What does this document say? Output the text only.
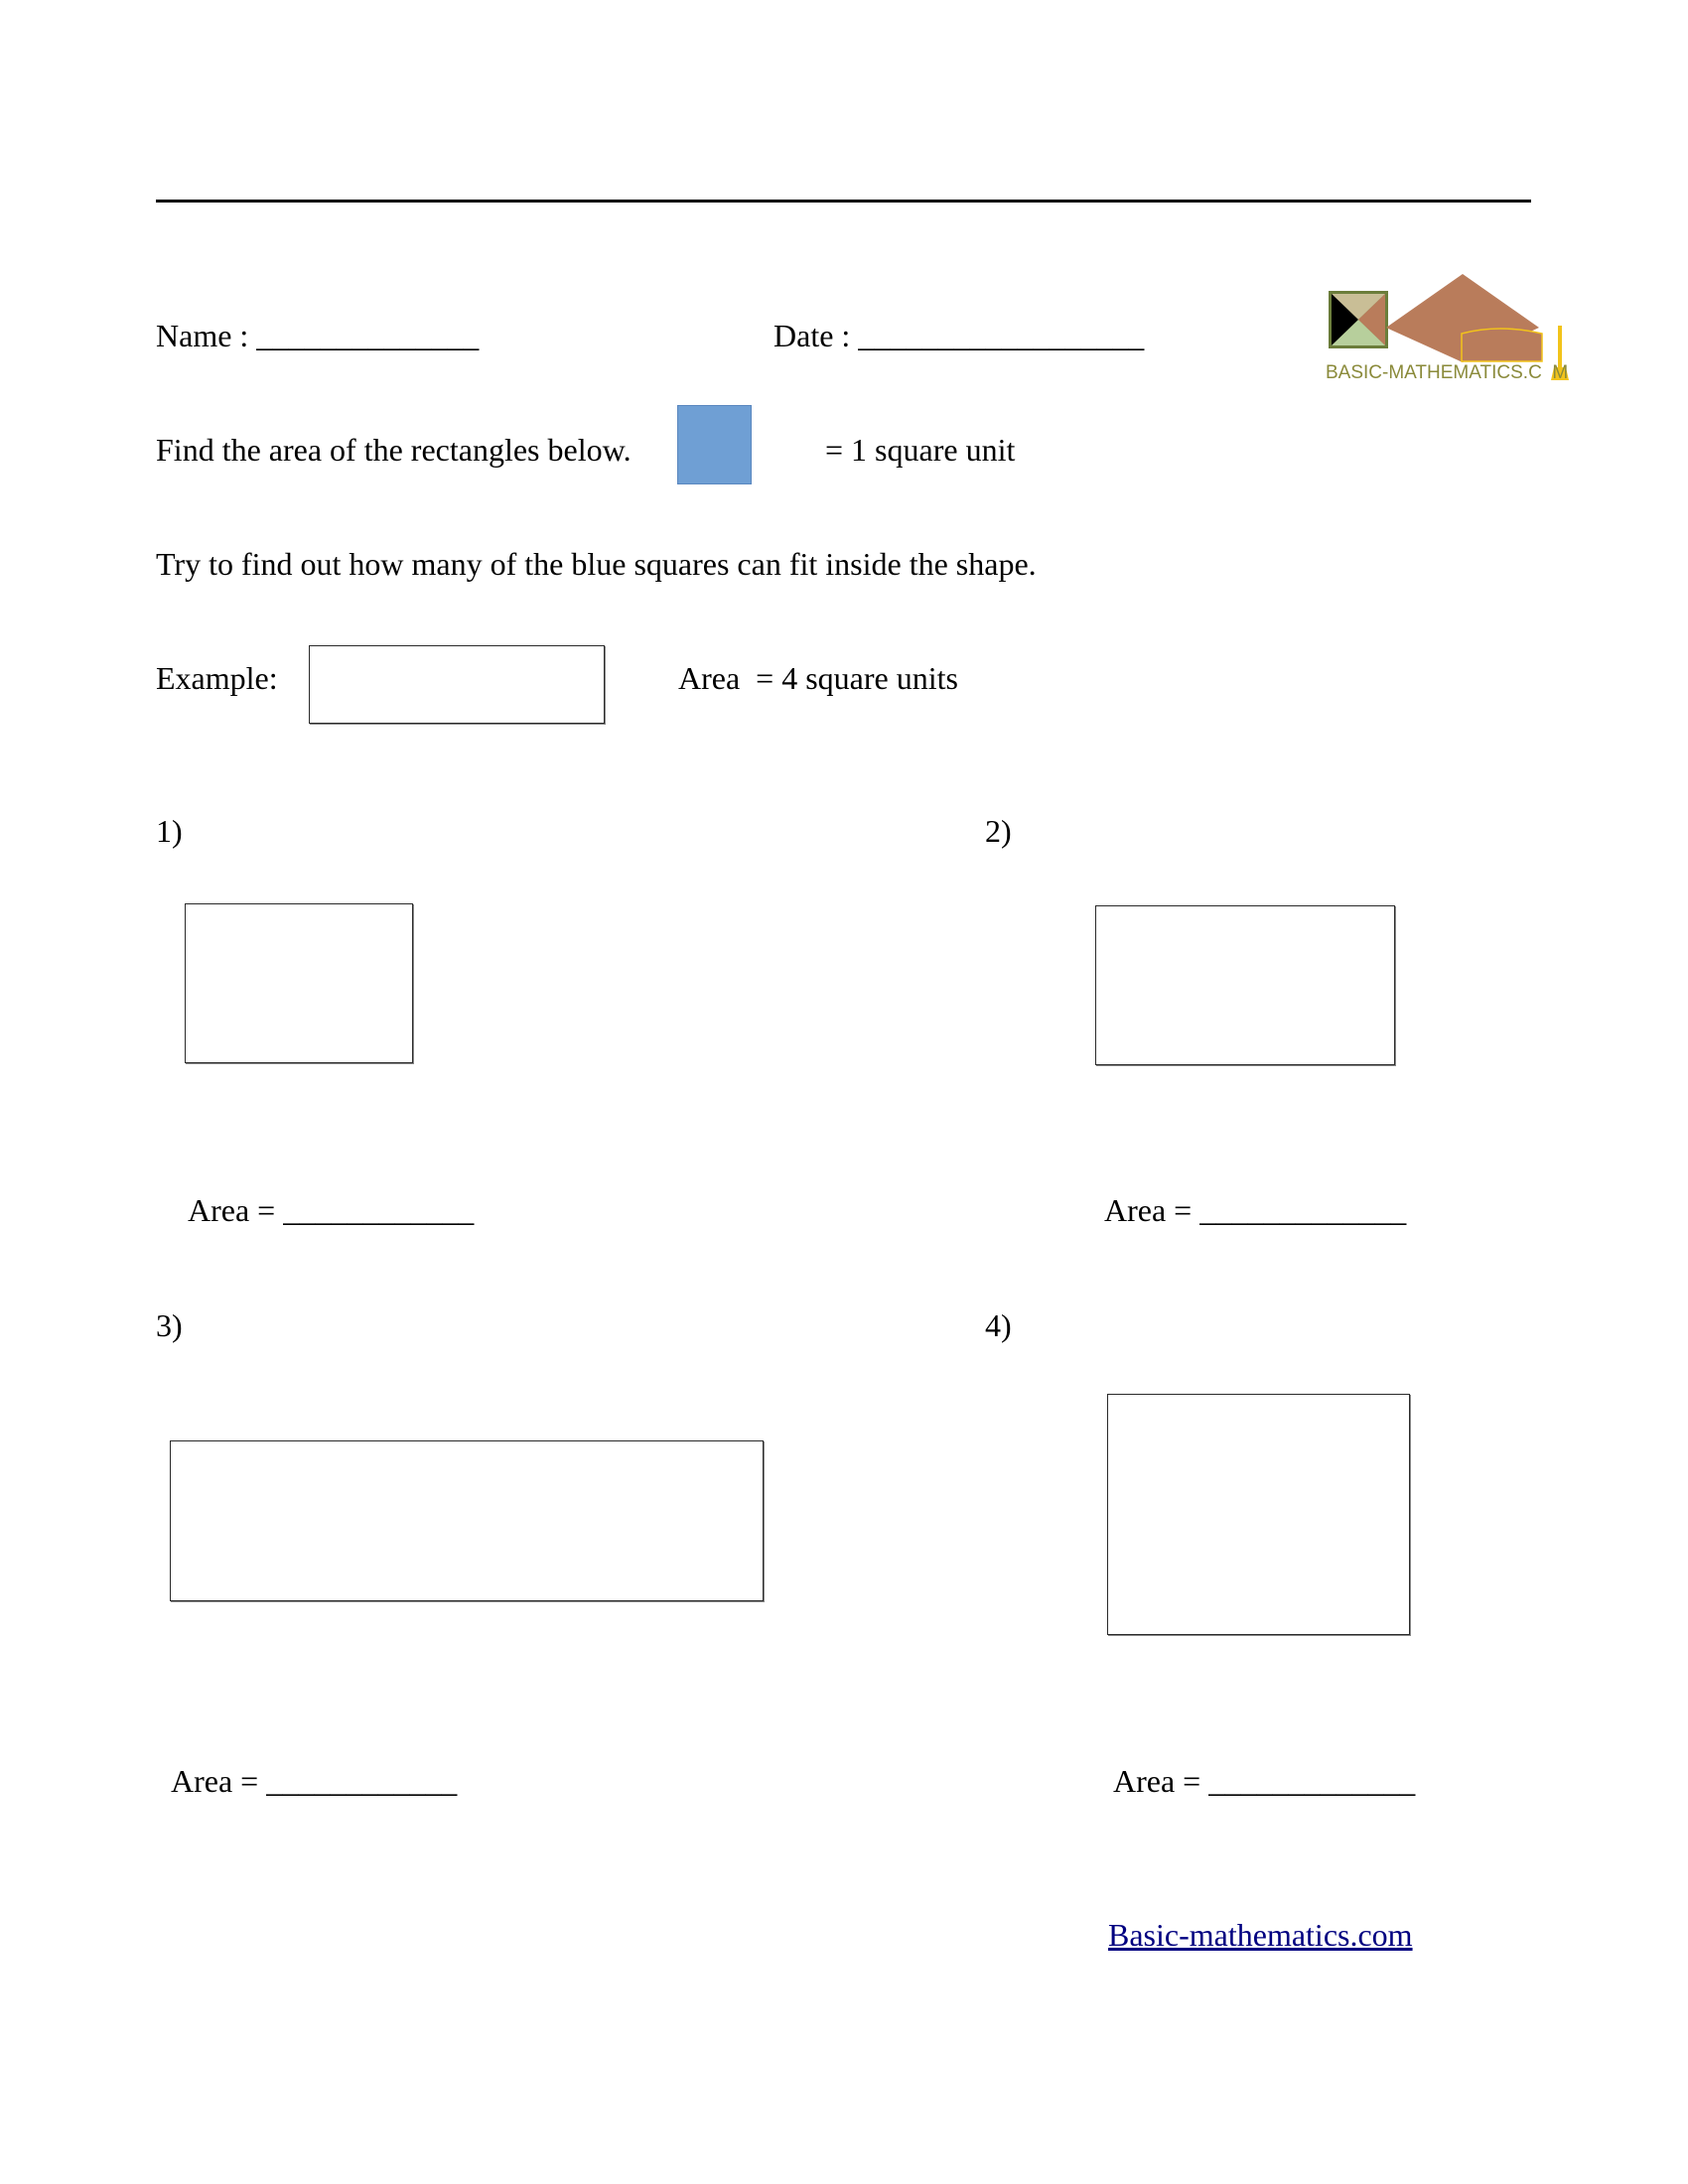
Name : ______________	Date : __________________
BASIC-MATHEMATICS.C  M
Find the area of the rectangles below.	= 1 square unit
Try to find out how many of the blue squares can fit inside the shape.
Example:	Area  = 4 square units
1)
Area = ____________
2)
Area = _____________
3)
Area = ____________
4)
Area = _____________
Basic-mathematics.com
